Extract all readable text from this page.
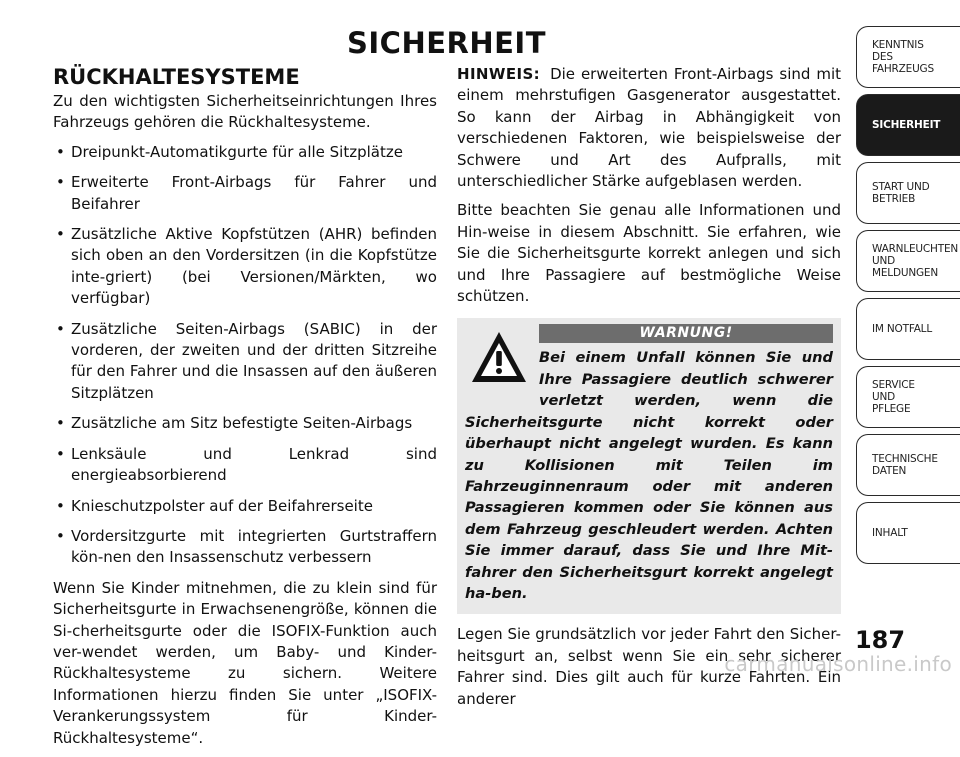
SICHERHEIT
RÜCKHALTESYSTEME

Zu den wichtigsten Sicherheitseinrichtungen Ihres Fahrzeugs gehören die Rückhaltesysteme.

• Dreipunkt-Automatikgurte für alle Sitzplätze
• Erweiterte Front-Airbags für Fahrer und Beifahrer
• Zusätzliche Aktive Kopfstützen (AHR) befinden sich oben an den Vordersitzen (in die Kopfstütze inte-griert) (bei Versionen/Märkten, wo verfügbar)
• Zusätzliche Seiten-Airbags (SABIC) in der vorderen, der zweiten und der dritten Sitzreihe für den Fahrer und die Insassen auf den äußeren Sitzplätzen
• Zusätzliche am Sitz befestigte Seiten-Airbags
• Lenksäule und Lenkrad sind energieabsorbierend
• Knieschutzpolster auf der Beifahrerseite
• Vordersitzgurte mit integrierten Gurtstraffern kön-nen den Insassenschutz verbessern

Wenn Sie Kinder mitnehmen, die zu klein sind für Sicherheitsgurte in Erwachsenengröße, können die Si-cherheitsgurte oder die ISOFIX-Funktion auch ver-wendet werden, um Baby- und Kinder-Rückhaltesysteme zu sichern. Weitere Informationen hierzu finden Sie unter „ISOFIX-Verankerungssystem für Kinder-Rückhaltesysteme“.

HINWEIS: Die erweiterten Front-Airbags sind mit einem mehrstufigen Gasgenerator ausgestattet. So kann der Airbag in Abhängigkeit von verschiedenen Faktoren, wie beispielsweise der Schwere und Art des Aufpralls, mit unterschiedlicher Stärke aufgeblasen werden.

Bitte beachten Sie genau alle Informationen und Hin-weise in diesem Abschnitt. Sie erfahren, wie Sie die Sicherheitsgurte korrekt anlegen und sich und Ihre Passagiere auf bestmögliche Weise schützen.

WARNUNG!
Bei einem Unfall können Sie und Ihre Passagiere deutlich schwerer verletzt werden, wenn die Sicherheitsgurte nicht korrekt oder überhaupt nicht angelegt wurden. Es kann zu Kollisionen mit Teilen im Fahrzeuginnenraum oder mit anderen Passagieren kommen oder Sie können aus dem Fahrzeug geschleudert werden. Achten Sie immer darauf, dass Sie und Ihre Mit-fahrer den Sicherheitsgurt korrekt angelegt ha-ben.

Legen Sie grundsätzlich vor jeder Fahrt den Sicher-heitsgurt an, selbst wenn Sie ein sehr sicherer Fahrer sind. Dies gilt auch für kurze Fahrten. Ein anderer

KENNTNIS
DES
FAHRZEUGS
SICHERHEIT
START UND
BETRIEB
WARNLEUCHTEN
UND
MELDUNGEN
IM NOTFALL
SERVICE
UND
PFLEGE
TECHNISCHE
DATEN
INHALT
187
carmanualsonline.info
